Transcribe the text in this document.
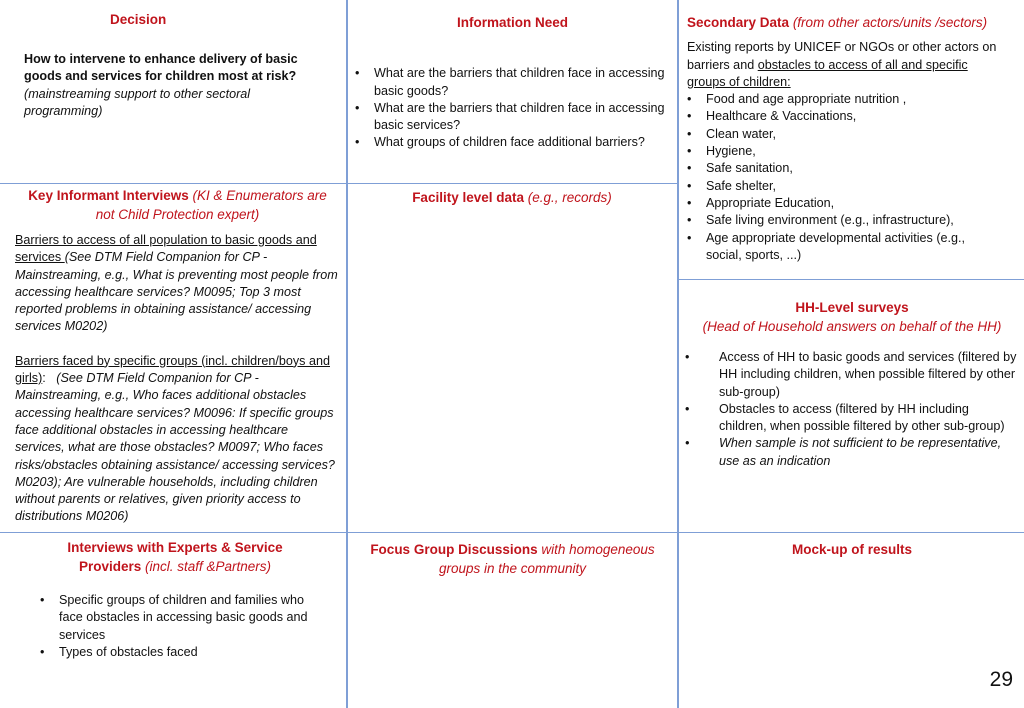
Decision
How to intervene to enhance delivery of basic goods and services for children most at risk?
(mainstreaming support to other sectoral programming)
Information Need
• What are the barriers that children face in accessing basic goods?
• What are the barriers that children face in accessing basic services?
• What groups of children face additional barriers?
Secondary Data (from other actors/units /sectors)
Existing reports by UNICEF or NGOs or other actors on barriers and obstacles to access of all and specific groups of children:
• Food and age appropriate nutrition ,
• Healthcare & Vaccinations,
• Clean water,
• Hygiene,
• Safe sanitation,
• Safe shelter,
• Appropriate Education,
• Safe living environment (e.g., infrastructure),
• Age appropriate developmental activities (e.g., social, sports, ...)
Key Informant Interviews (KI & Enumerators are not Child Protection expert)
Barriers to access of all population to basic goods and services (See DTM Field Companion for CP - Mainstreaming, e.g., What is preventing most people from accessing healthcare services? M0095; Top 3 most reported problems in obtaining assistance/ accessing services M0202)
Barriers faced by specific groups (incl. children/boys and girls):   (See DTM Field Companion for CP - Mainstreaming, e.g., Who faces additional obstacles accessing healthcare services? M0096: If specific groups face additional obstacles in accessing healthcare services, what are those obstacles? M0097; Who faces risks/obstacles obtaining assistance/ accessing services? M0203); Are vulnerable households, including children without parents or relatives, given priority access to distributions M0206)
Facility level data (e.g., records)
HH-Level surveys
(Head of Household answers on behalf of the HH)
• Access of HH to basic goods and services (filtered by HH including children, when possible filtered by other sub-group)
• Obstacles to access (filtered by HH including children, when possible filtered by other sub-group)
• When sample is not sufficient to be representative, use as an indication
Interviews with Experts & Service Providers (incl. staff &Partners)
• Specific groups of children and families who face obstacles in accessing basic goods and services
• Types of obstacles faced
Focus Group Discussions with homogeneous groups in the community
Mock-up of results
29
